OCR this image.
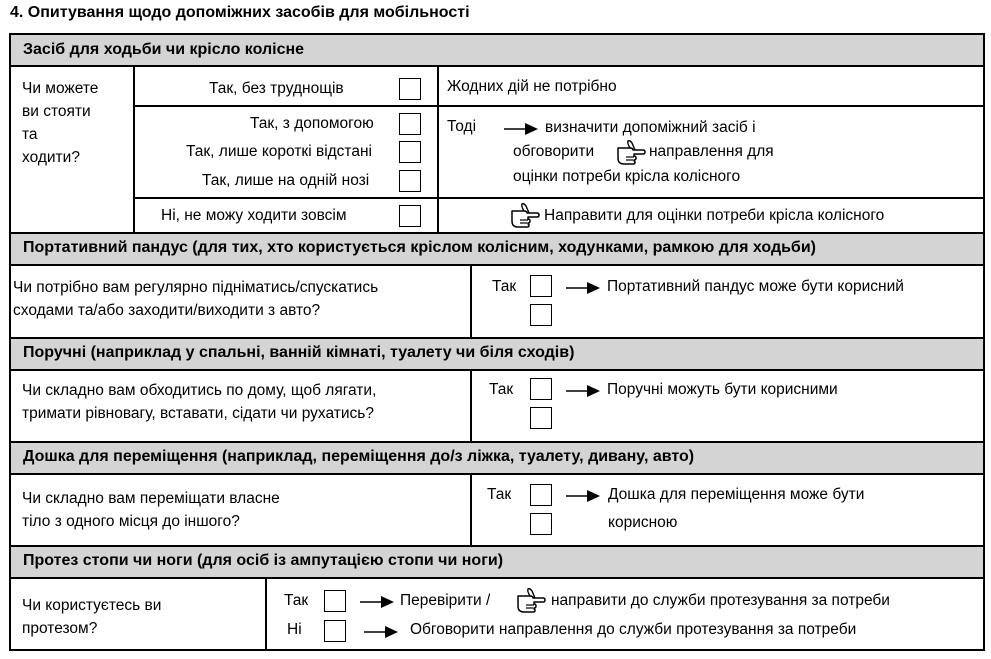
4. Опитування щодо допоміжних засобів для мобільності
Засіб для ходьби чи крісло колісне
Чи можете
ви стояти
та
ходити?
Так, без труднощів	Жодних дій не потрібно
Так, з допомогою
Так, лише короткі відстані
Так, лише на одній нозі
Тоді	визначити допоміжний засіб і
обговорити	направлення для
оцінки потреби крісла колісного
Ні, не можу ходити зовсім	Направити для оцінки потреби крісла колісного
Портативний пандус (для тих, хто користується кріслом колісним, ходунками, рамкою для ходьби)
Чи потрібно вам регулярно підніматись/спускатись
сходами та/або заходити/виходити з авто?
Так	Портативний пандус може бути корисний
Поручні (наприклад у спальні, ванній кімнаті, туалету чи біля сходів)
Чи складно вам обходитись по дому, щоб лягати,
тримати рівновагу, вставати, сідати чи рухатись?
Так	Поручні можуть бути корисними
Дошка для переміщення (наприклад, переміщення до/з ліжка, туалету, дивану, авто)
Чи складно вам переміщати власне
тіло з одного місця до іншого?
Так	Дошка для переміщення може бути
корисною
Протез стопи чи ноги (для осіб із ампутацією стопи чи ноги)
Чи користуєтесь ви
протезом?
Так	Перевірити /	направити до служби протезування за потреби
Ні	Обговорити направлення до служби протезування за потреби
